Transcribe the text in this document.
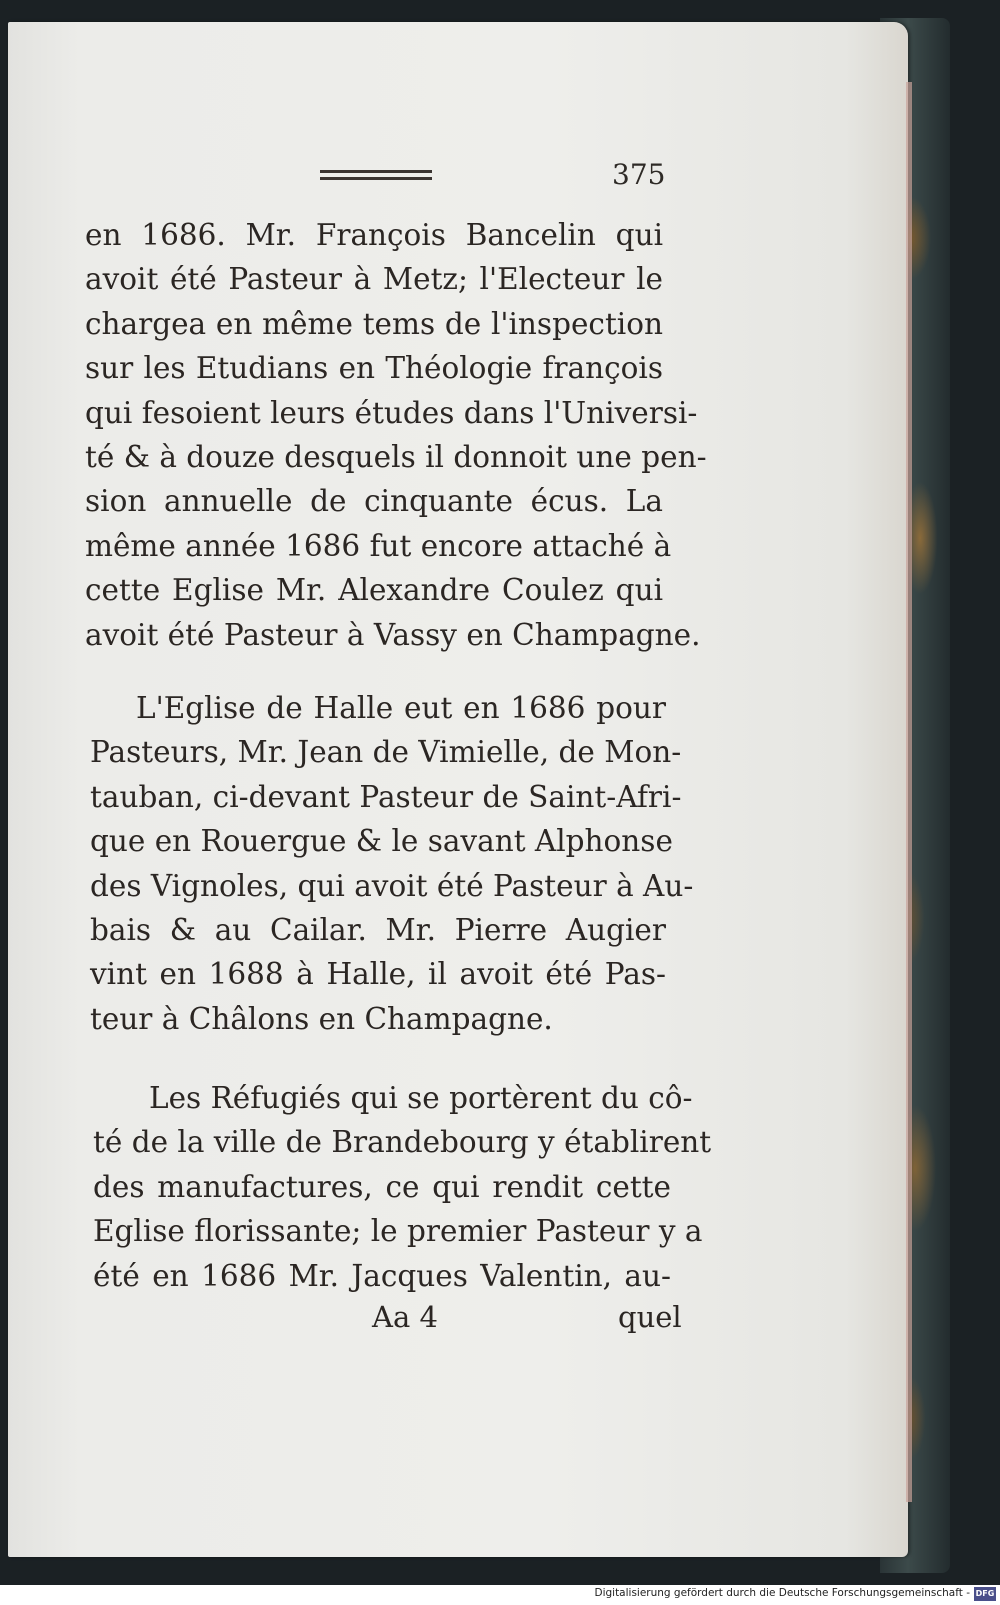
375
en 1686. Mr. François Bancelin qui
avoit été Pasteur à Metz; l'Electeur le
chargea en même tems de l'inspection
sur les Etudians en Théologie françois
qui fesoient leurs études dans l'Universi-
té & à douze desquels il donnoit une pen-
sion annuelle de cinquante écus. La
même année 1686 fut encore attaché à
cette Eglise Mr. Alexandre Coulez qui
avoit été Pasteur à Vassy en Champagne.
L'Eglise de Halle eut en 1686 pour
Pasteurs, Mr. Jean de Vimielle, de Mon-
tauban, ci-devant Pasteur de Saint-Afri-
que en Rouergue & le savant Alphonse
des Vignoles, qui avoit été Pasteur à Au-
bais & au Cailar. Mr. Pierre Augier
vint en 1688 à Halle, il avoit été Pas-
teur à Châlons en Champagne.
Les Réfugiés qui se portèrent du cô-
té de la ville de Brandebourg y établirent
des manufactures, ce qui rendit cette
Eglise florissante; le premier Pasteur y a
été en 1686 Mr. Jacques Valentin, au-
Aa 4	quel
Digitalisierung gefördert durch die Deutsche Forschungsgemeinschaft - DFG
